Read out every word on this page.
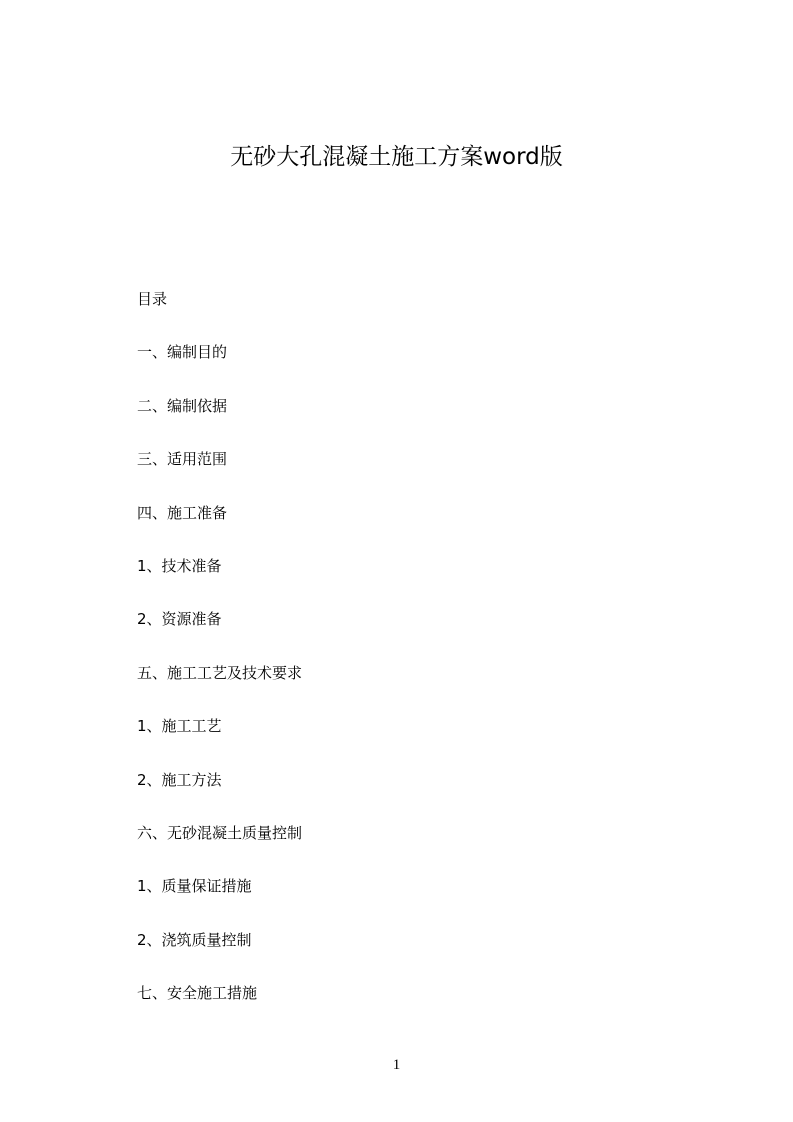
无砂大孔混凝土施工方案word版
目录
一、编制目的
二、编制依据
三、适用范围
四、施工准备
1、技术准备
2、资源准备
五、施工工艺及技术要求
1、施工工艺
2、施工方法
六、无砂混凝土质量控制
1、质量保证措施
2、浇筑质量控制
七、安全施工措施
1
